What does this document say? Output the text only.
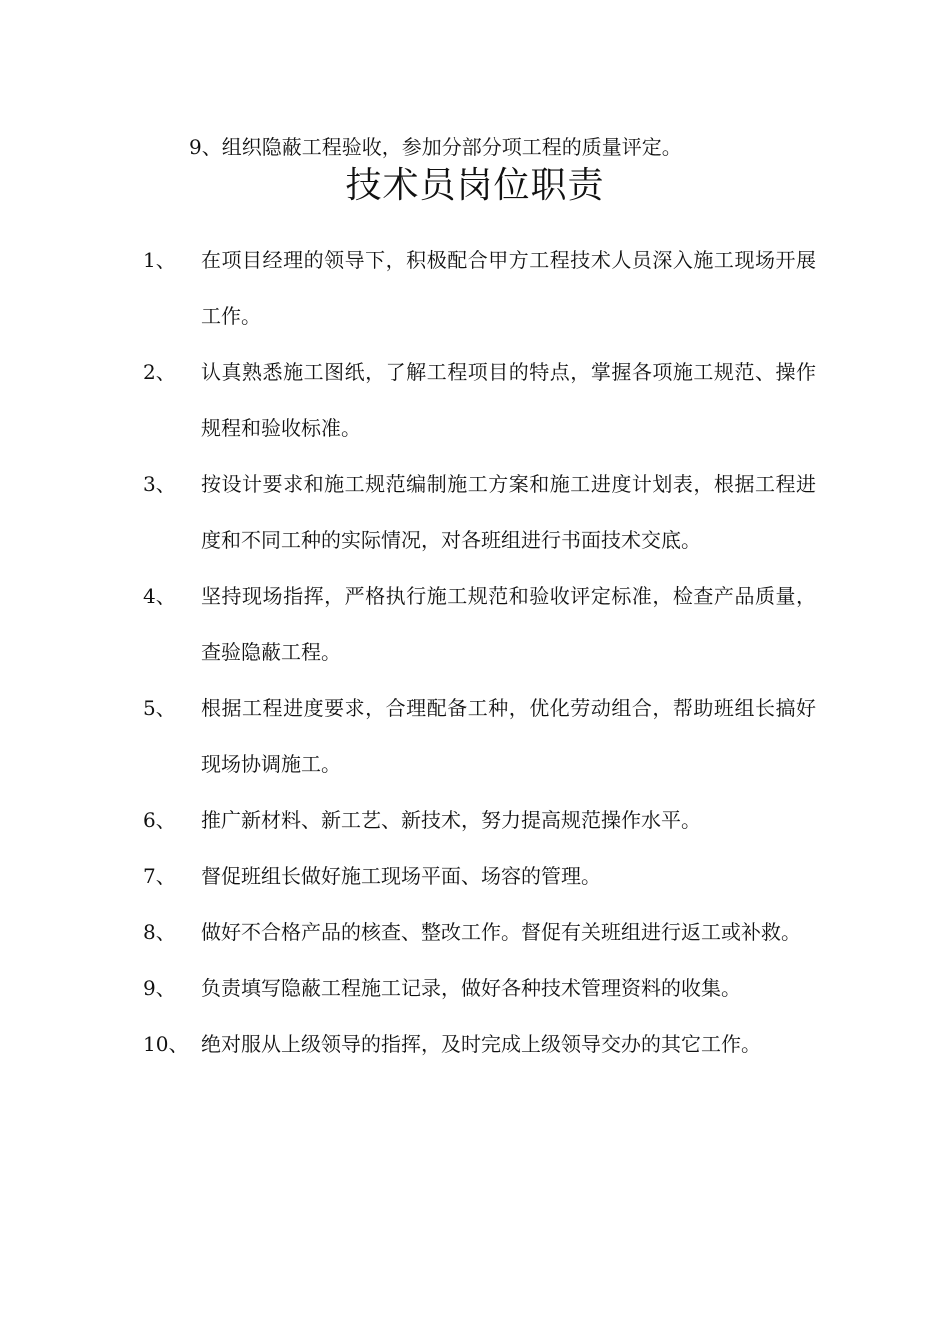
9、组织隐蔽工程验收，参加分部分项工程的质量评定。
技术员岗位职责
1、 在项目经理的领导下，积极配合甲方工程技术人员深入施工现场开展工作。
2、 认真熟悉施工图纸，了解工程项目的特点，掌握各项施工规范、操作规程和验收标准。
3、 按设计要求和施工规范编制施工方案和施工进度计划表，根据工程进度和不同工种的实际情况，对各班组进行书面技术交底。
4、 坚持现场指挥，严格执行施工规范和验收评定标准，检查产品质量，查验隐蔽工程。
5、 根据工程进度要求，合理配备工种，优化劳动组合，帮助班组长搞好现场协调施工。
6、 推广新材料、新工艺、新技术，努力提高规范操作水平。
7、 督促班组长做好施工现场平面、场容的管理。
8、 做好不合格产品的核查、整改工作。督促有关班组进行返工或补救。
9、 负责填写隐蔽工程施工记录，做好各种技术管理资料的收集。
10、 绝对服从上级领导的指挥，及时完成上级领导交办的其它工作。
